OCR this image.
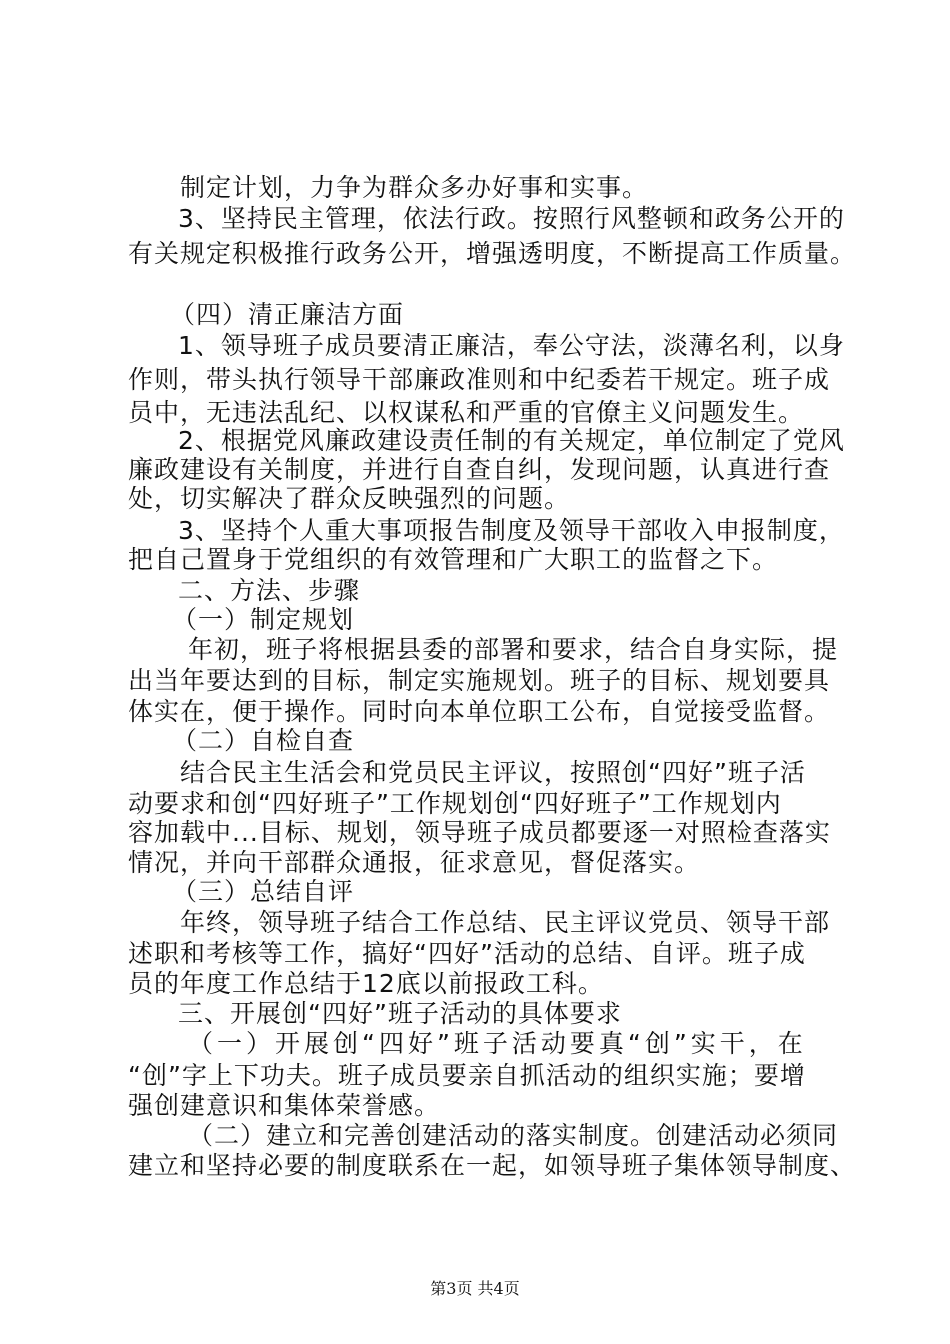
制定计划，力争为群众多办好事和实事。
3、坚持民主管理，依法行政。按照行风整顿和政务公开的
有关规定积极推行政务公开，增强透明度，不断提高工作质量。
（四）清正廉洁方面
1、领导班子成员要清正廉洁，奉公守法，淡薄名利，以身
作则，带头执行领导干部廉政准则和中纪委若干规定。班子成
员中，无违法乱纪、以权谋私和严重的官僚主义问题发生。
2、根据党风廉政建设责任制的有关规定，单位制定了党风
廉政建设有关制度，并进行自查自纠，发现问题，认真进行查
处，切实解决了群众反映强烈的问题。
3、坚持个人重大事项报告制度及领导干部收入申报制度，
把自己置身于党组织的有效管理和广大职工的监督之下。
二、方法、步骤
（一）制定规划
年初，班子将根据县委的部署和要求，结合自身实际，提
出当年要达到的目标，制定实施规划。班子的目标、规划要具
体实在，便于操作。同时向本单位职工公布，自觉接受监督。
（二）自检自查
结合民主生活会和党员民主评议，按照创“四好”班子活
动要求和创“四好班子”工作规划创“四好班子”工作规划内
容加载中...目标、规划，领导班子成员都要逐一对照检查落实
情况，并向干部群众通报，征求意见，督促落实。
（三）总结自评
年终，领导班子结合工作总结、民主评议党员、领导干部
述职和考核等工作，搞好“四好”活动的总结、自评。班子成
员的年度工作总结于12底以前报政工科。
三、开展创“四好”班子活动的具体要求
（一）开展创“四好”班子活动要真“创”实干，在
“创”字上下功夫。班子成员要亲自抓活动的组织实施；要增
强创建意识和集体荣誉感。
（二）建立和完善创建活动的落实制度。创建活动必须同
建立和坚持必要的制度联系在一起，如领导班子集体领导制度、
第3页 共4页
